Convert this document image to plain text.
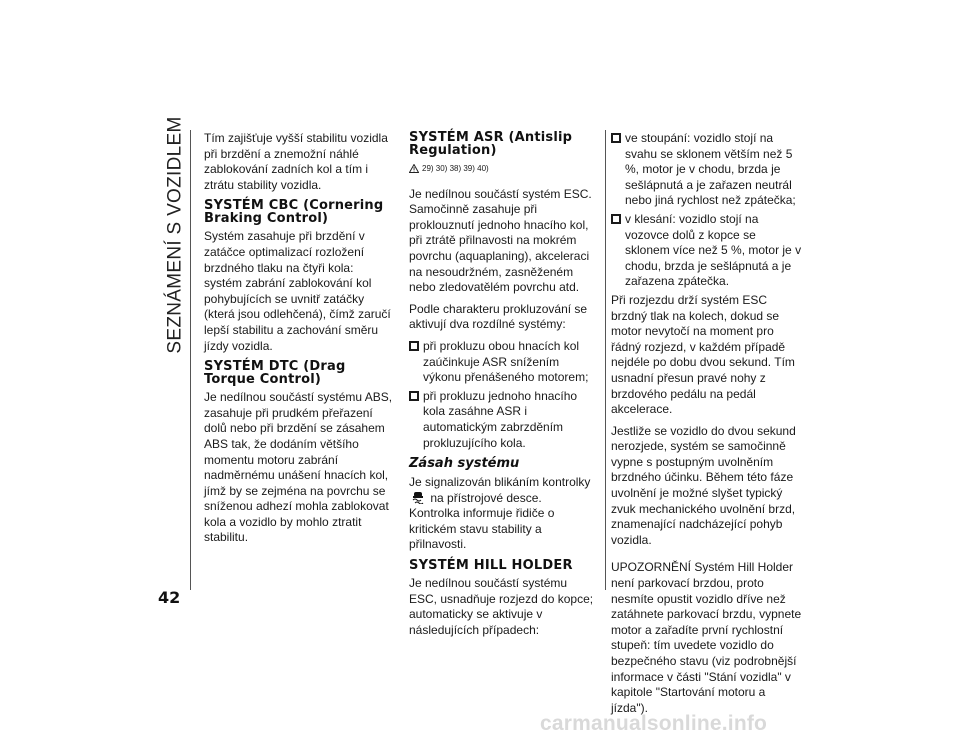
SEZNÁMENÍ S VOZIDLEM Tím zajišťuje vyšší stabilitu vozidla při brzdění a znemožní náhlé zablokování zadních kol a tím i ztrátu stability vozidla.

SYSTÉM CBC (Cornering Braking Control)

Systém zasahuje při brzdění v zatáčce optimalizací rozložení brzdného tlaku na čtyři kola: systém zabrání zablokování kol pohybujících se uvnitř zatáčky (která jsou odlehčená), čímž zaručí lepší stabilitu a zachování směru jízdy vozidla.

SYSTÉM DTC (Drag Torque Control)

Je nedílnou součástí systému ABS, zasahuje při prudkém přeřazení dolů nebo při brzdění se zásahem ABS tak, že dodáním většího momentu motoru zabrání nadměrnému unášení hnacích kol, jímž by se zejména na povrchu se sníženou adhezí mohla zablokovat kola a vozidlo by mohlo ztratit stabilitu.

SYSTÉM ASR (Antislip Regulation)
29) 30) 38) 39) 40)

Je nedílnou součástí systém ESC. Samočinně zasahuje při proklouznutí jednoho hnacího kol, při ztrátě přilnavosti na mokrém povrchu (aquaplaning), akceleraci na nesoudržném, zasněženém nebo zledovatělém povrchu atd.

Podle charakteru prokluzování se aktivují dva rozdílné systémy:

při prokluzu obou hnacích kol zaúčinkuje ASR snížením výkonu přenášeného motorem;
při prokluzu jednoho hnacího kola zasáhne ASR i automatickým zabrzděním prokluzujícího kola.
Zásah systému

Je signalizován blikáním kontrolky  na přístrojové desce. Kontrolka informuje řidiče o kritickém stavu stability a přilnavosti.

SYSTÉM HILL HOLDER

Je nedílnou součástí systému ESC, usnadňuje rozjezd do kopce; automaticky se aktivuje v následujících případech:

ve stoupání: vozidlo stojí na svahu se sklonem větším než 5 %, motor je v chodu, brzda je sešlápnutá a je zařazen neutrál nebo jiná rychlost než zpátečka;
v klesání: vozidlo stojí na vozovce dolů z kopce se sklonem více než 5 %, motor je v chodu, brzda je sešlápnutá a je zařazena zpátečka.

Při rozjezdu drží systém ESC brzdný tlak na kolech, dokud se motor nevytočí na moment pro řádný rozjezd, v každém případě nejdéle po dobu dvou sekund. Tím usnadní přesun pravé nohy z brzdového pedálu na pedál akcelerace.

Jestliže se vozidlo do dvou sekund nerozjede, systém se samočinně vypne s postupným uvolněním brzdného účinku. Během této fáze uvolnění je možné slyšet typický zvuk mechanického uvolnění brzd, znamenající nadcházející pohyb vozidla.

UPOZORNĚNÍ Systém Hill Holder není parkovací brzdou, proto nesmíte opustit vozidlo dříve než zatáhnete parkovací brzdu, vypnete motor a zařadíte první rychlostní stupeň: tím uvedete vozidlo do bezpečného stavu (viz podrobnější informace v části "Stání vozidla" v kapitole "Startování motoru a jízda").

42
carmanualsonline.info
